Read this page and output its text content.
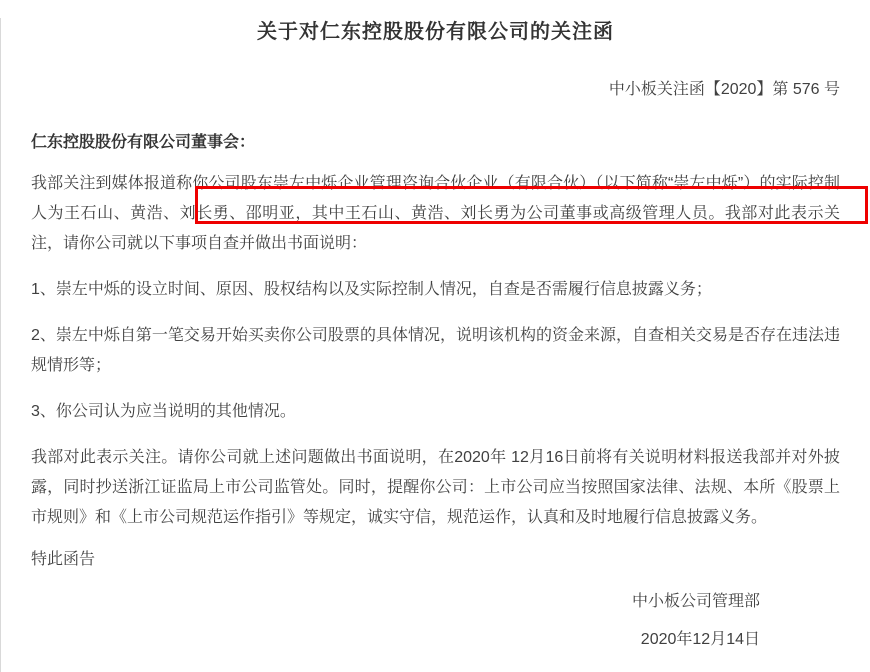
关于对仁东控股股份有限公司的关注函
中小板关注函【2020】第 576 号
仁东控股股份有限公司董事会：

我部关注到媒体报道称你公司股东崇左中烁企业管理咨询合伙企业（有限合伙）（以下简称“崇左中烁”）的实际控制人为王石山、黄浩、刘长勇、邵明亚，其中王石山、黄浩、刘长勇为公司董事或高级管理人员。我部对此表示关注，请你公司就以下事项自查并做出书面说明：

1、崇左中烁的设立时间、原因、股权结构以及实际控制人情况，自查是否需履行信息披露义务；

2、崇左中烁自第一笔交易开始买卖你公司股票的具体情况，说明该机构的资金来源，自查相关交易是否存在违法违规情形等；

3、你公司认为应当说明的其他情况。

我部对此表示关注。请你公司就上述问题做出书面说明，在2020年 12月16日前将有关说明材料报送我部并对外披露，同时抄送浙江证监局上市公司监管处。同时，提醒你公司：上市公司应当按照国家法律、法规、本所《股票上市规则》和《上市公司规范运作指引》等规定，诚实守信，规范运作，认真和及时地履行信息披露义务。

特此函告

中小板公司管理部
2020年12月14日
